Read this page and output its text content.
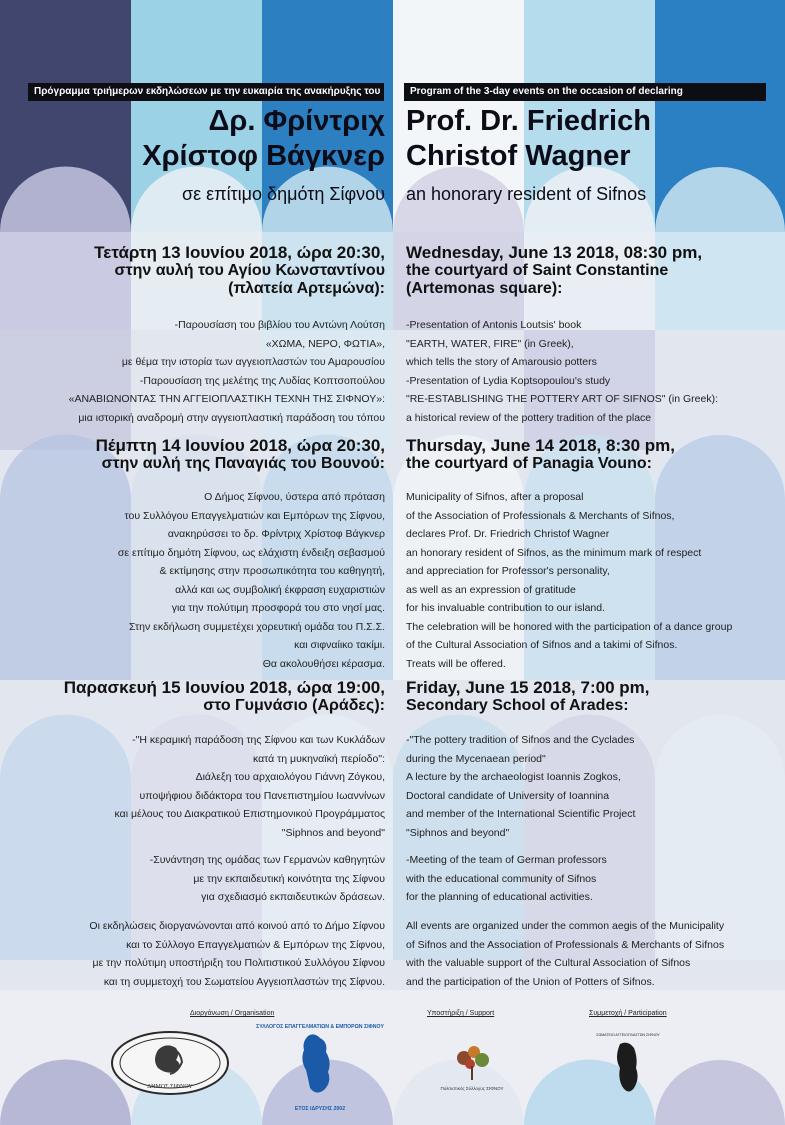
Πρόγραμμα τριήμερων εκδηλώσεων με την ευκαιρία της ανακήρυξης του	Program of the 3-day events on the occasion of declaring
Δρ. Φρίντριχ
Χρίστοφ Βάγκνερ
Prof. Dr. Friedrich
Christof Wagner
σε επίτιμο δημότη Σίφνου an honorary resident of Sifnos
Τετάρτη 13 Ιουνίου 2018, ώρα 20:30,
στην αυλή του Αγίου Κωνσταντίνου
(πλατεία Αρτεμώνα):
Wednesday, June 13 2018, 08:30 pm,
the courtyard of Saint Constantine
(Artemonas square):
-Παρουσίαση του βιβλίου του Αντώνη Λούτση
«ΧΩΜΑ, ΝΕΡΟ, ΦΩΤΙΑ»,
με θέμα την ιστορία των αγγειοπλαστών του Αμαρουσίου
-Παρουσίαση της μελέτης της Λυδίας Κοπτσοπούλου
«ΑΝΑΒΙΩΝΟΝΤΑΣ ΤΗΝ ΑΓΓΕΙΟΠΛΑΣΤΙΚΗ ΤΕΧΝΗ ΤΗΣ ΣΙΦΝΟΥ»:
μια ιστορική αναδρομή στην αγγειοπλαστική παράδοση του τόπου
-Presentation of Antonis Loutsis' book
"EARTH, WATER, FIRE" (in Greek),
which tells the story of Amarousio potters
-Presentation of Lydia Koptsopoulou's study
"RE-ESTABLISHING THE POTTERY ART OF SIFNOS" (in Greek):
a historical review of the pottery tradition of the place
Πέμπτη 14 Ιουνίου 2018, ώρα 20:30,
στην αυλή της Παναγιάς του Βουνού:
Thursday, June 14 2018, 8:30 pm,
the courtyard of Panagia Vouno:
Ο Δήμος Σίφνου, ύστερα από πρόταση
του Συλλόγου Επαγγελματιών και Εμπόρων της Σίφνου,
ανακηρύσσει το δρ. Φρίντριχ Χρίστοφ Βάγκνερ
σε επίτιμο δημότη Σίφνου, ως ελάχιστη ένδειξη σεβασμού
& εκτίμησης στην προσωπικότητα του καθηγητή,
αλλά και ως συμβολική έκφραση ευχαριστιών
για την πολύτιμη προσφορά του στο νησί μας.
Στην εκδήλωση συμμετέχει χορευτική ομάδα του Π.Σ.Σ.
και σιφναίικο τακίμι.
Θα ακολουθήσει κέρασμα.
Municipality of Sifnos, after a proposal
of the Association of Professionals & Merchants of Sifnos,
declares Prof. Dr. Friedrich Christof Wagner
an honorary resident of Sifnos, as the minimum mark of respect
and appreciation for Professor's personality,
as well as an expression of gratitude
for his invaluable contribution to our island.
The celebration will be honored with the participation of a dance group
of the Cultural Association of Sifnos and a takimi of Sifnos.
Treats will be offered.
Παρασκευή 15 Ιουνίου 2018, ώρα 19:00,
στο Γυμνάσιο (Αράδες):
Friday, June 15 2018, 7:00 pm,
Secondary School of Arades:
-"Η κεραμική παράδοση της Σίφνου και των Κυκλάδων
κατά τη μυκηναϊκή περίοδο":
Διάλεξη του αρχαιολόγου Γιάννη Ζόγκου,
υποψήφιου διδάκτορα του Πανεπιστημίου Ιωαννίνων
και μέλους του Διακρατικού Επιστημονικού Προγράμματος
"Siphnos and beyond"
-"The pottery tradition of Sifnos and the Cyclades
during the Mycenaean period"
A lecture by the archaeologist Ioannis Zogkos,
Doctoral candidate of University of Ioannina
and member of the International Scientific Project
"Siphnos and beyond"
-Συνάντηση της ομάδας των Γερμανών καθηγητών
με την εκπαιδευτική κοινότητα της Σίφνου
για σχεδιασμό εκπαιδευτικών δράσεων.
-Meeting of the team of German professors
with the educational community of Sifnos
for the planning of educational activities.
Οι εκδηλώσεις διοργανώνονται από κοινού από το Δήμο Σίφνου
και το Σύλλογο Επαγγελματιών & Εμπόρων της Σίφνου,
με την πολύτιμη υποστήριξη του Πολιτιστικού Συλλόγου Σίφνου
και τη συμμετοχή του Σωματείου Αγγειοπλαστών της Σίφνου.
All events are organized under the common aegis of the Municipality
of Sifnos and the Association of Professionals & Merchants of Sifnos
with the valuable support of the Cultural Association of Sifnos
and the participation of the Union of Potters of Sifnos.
Διοργάνωση / Organisation	Υποστήριξη / Support	Συμμετοχή / Participation
ΔΗΜΟΣ ΣΙΦΝΟΥ
ΣΥΛΛΟΓΟΣ ΕΠΑΓΓΕΛΜΑΤΙΩΝ & ΕΜΠΟΡΩΝ ΣΙΦΝΟΥ
ΕΤΟΣ ΙΔΡΥΣΗΣ 2002
Πολιτιστικός Σύλλογος ΣΙΦΝΟΥ
ΣΩΜΑΤΕΙΟ ΑΓΓΕΙΟΠΛΑΣΤΩΝ ΣΙΦΝΟΥ
